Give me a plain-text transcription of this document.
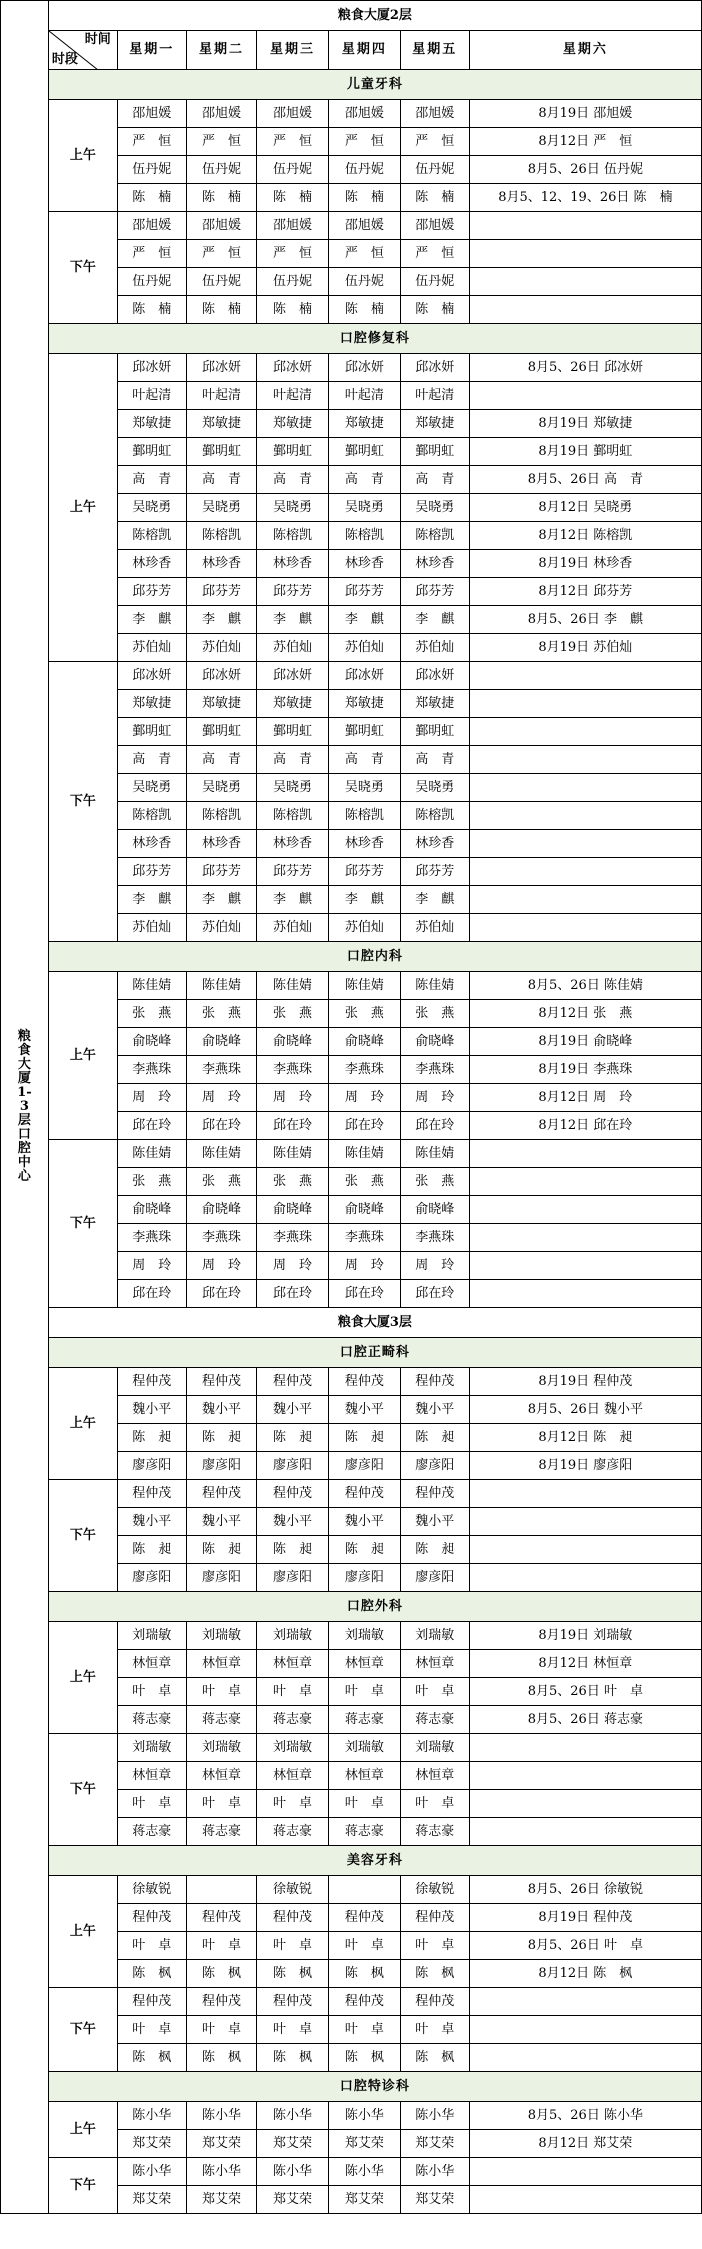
粮食大厦1-3层口腔中心	粮食大厦2层						

	时间
时段	星期一	星期二	星期三	星期四	星期五	星期六
	儿童牙科						
	上午	邵旭媛	邵旭媛	邵旭媛	邵旭媛	邵旭媛	8月19日 邵旭媛
		严　恒	严　恒	严　恒	严　恒	严　恒	8月12日 严　恒
		伍丹妮	伍丹妮	伍丹妮	伍丹妮	伍丹妮	8月5、26日 伍丹妮
		陈　楠	陈　楠	陈　楠	陈　楠	陈　楠	8月5、12、19、26日 陈　楠
	下午	邵旭媛	邵旭媛	邵旭媛	邵旭媛	邵旭媛	
		严　恒	严　恒	严　恒	严　恒	严　恒	
		伍丹妮	伍丹妮	伍丹妮	伍丹妮	伍丹妮	
		陈　楠	陈　楠	陈　楠	陈　楠	陈　楠	
	口腔修复科						
	上午	邱冰妍	邱冰妍	邱冰妍	邱冰妍	邱冰妍	8月5、26日 邱冰妍
		叶起清	叶起清	叶起清	叶起清	叶起清	
		郑敏捷	郑敏捷	郑敏捷	郑敏捷	郑敏捷	8月19日 郑敏捷
		鄞明虹	鄞明虹	鄞明虹	鄞明虹	鄞明虹	8月19日 鄞明虹
		高　青	高　青	高　青	高　青	高　青	8月5、26日 高　青
		吴晓勇	吴晓勇	吴晓勇	吴晓勇	吴晓勇	8月12日 吴晓勇
		陈榕凯	陈榕凯	陈榕凯	陈榕凯	陈榕凯	8月12日 陈榕凯
		林珍香	林珍香	林珍香	林珍香	林珍香	8月19日 林珍香
		邱芬芳	邱芬芳	邱芬芳	邱芬芳	邱芬芳	8月12日 邱芬芳
		李　麒	李　麒	李　麒	李　麒	李　麒	8月5、26日 李　麒
		苏伯灿	苏伯灿	苏伯灿	苏伯灿	苏伯灿	8月19日 苏伯灿
	下午	邱冰妍	邱冰妍	邱冰妍	邱冰妍	邱冰妍	
		郑敏捷	郑敏捷	郑敏捷	郑敏捷	郑敏捷	
		鄞明虹	鄞明虹	鄞明虹	鄞明虹	鄞明虹	
		高　青	高　青	高　青	高　青	高　青	
		吴晓勇	吴晓勇	吴晓勇	吴晓勇	吴晓勇	
		陈榕凯	陈榕凯	陈榕凯	陈榕凯	陈榕凯	
		林珍香	林珍香	林珍香	林珍香	林珍香	
		邱芬芳	邱芬芳	邱芬芳	邱芬芳	邱芬芳	
		李　麒	李　麒	李　麒	李　麒	李　麒	
		苏伯灿	苏伯灿	苏伯灿	苏伯灿	苏伯灿	
	口腔内科						
	上午	陈佳婧	陈佳婧	陈佳婧	陈佳婧	陈佳婧	8月5、26日 陈佳婧
		张　燕	张　燕	张　燕	张　燕	张　燕	8月12日 张　燕
		俞晓峰	俞晓峰	俞晓峰	俞晓峰	俞晓峰	8月19日 俞晓峰
		李燕珠	李燕珠	李燕珠	李燕珠	李燕珠	8月19日 李燕珠
		周　玲	周　玲	周　玲	周　玲	周　玲	8月12日 周　玲
		邱在玲	邱在玲	邱在玲	邱在玲	邱在玲	8月12日 邱在玲
	下午	陈佳婧	陈佳婧	陈佳婧	陈佳婧	陈佳婧	
		张　燕	张　燕	张　燕	张　燕	张　燕	
		俞晓峰	俞晓峰	俞晓峰	俞晓峰	俞晓峰	
		李燕珠	李燕珠	李燕珠	李燕珠	李燕珠	
		周　玲	周　玲	周　玲	周　玲	周　玲	
		邱在玲	邱在玲	邱在玲	邱在玲	邱在玲	
	粮食大厦3层						
	口腔正畸科						
	上午	程仲茂	程仲茂	程仲茂	程仲茂	程仲茂	8月19日 程仲茂
		魏小平	魏小平	魏小平	魏小平	魏小平	8月5、26日 魏小平
		陈　昶	陈　昶	陈　昶	陈　昶	陈　昶	8月12日 陈　昶
		廖彦阳	廖彦阳	廖彦阳	廖彦阳	廖彦阳	8月19日 廖彦阳
	下午	程仲茂	程仲茂	程仲茂	程仲茂	程仲茂	
		魏小平	魏小平	魏小平	魏小平	魏小平	
		陈　昶	陈　昶	陈　昶	陈　昶	陈　昶	
		廖彦阳	廖彦阳	廖彦阳	廖彦阳	廖彦阳	
	口腔外科						
	上午	刘瑞敏	刘瑞敏	刘瑞敏	刘瑞敏	刘瑞敏	8月19日 刘瑞敏
		林恒章	林恒章	林恒章	林恒章	林恒章	8月12日 林恒章
		叶　卓	叶　卓	叶　卓	叶　卓	叶　卓	8月5、26日 叶　卓
		蒋志豪	蒋志豪	蒋志豪	蒋志豪	蒋志豪	8月5、26日 蒋志豪
	下午	刘瑞敏	刘瑞敏	刘瑞敏	刘瑞敏	刘瑞敏	
		林恒章	林恒章	林恒章	林恒章	林恒章	
		叶　卓	叶　卓	叶　卓	叶　卓	叶　卓	
		蒋志豪	蒋志豪	蒋志豪	蒋志豪	蒋志豪	
	美容牙科						
	上午	徐敏锐		徐敏锐		徐敏锐	8月5、26日 徐敏锐
		程仲茂	程仲茂	程仲茂	程仲茂	程仲茂	8月19日 程仲茂
		叶　卓	叶　卓	叶　卓	叶　卓	叶　卓	8月5、26日 叶　卓
		陈　枫	陈　枫	陈　枫	陈　枫	陈　枫	8月12日 陈　枫
	下午	程仲茂	程仲茂	程仲茂	程仲茂	程仲茂	
		叶　卓	叶　卓	叶　卓	叶　卓	叶　卓	
		陈　枫	陈　枫	陈　枫	陈　枫	陈　枫	
	口腔特诊科						
	上午	陈小华	陈小华	陈小华	陈小华	陈小华	8月5、26日 陈小华
		郑艾荣	郑艾荣	郑艾荣	郑艾荣	郑艾荣	8月12日 郑艾荣
	下午	陈小华	陈小华	陈小华	陈小华	陈小华	
		郑艾荣	郑艾荣	郑艾荣	郑艾荣	郑艾荣	
